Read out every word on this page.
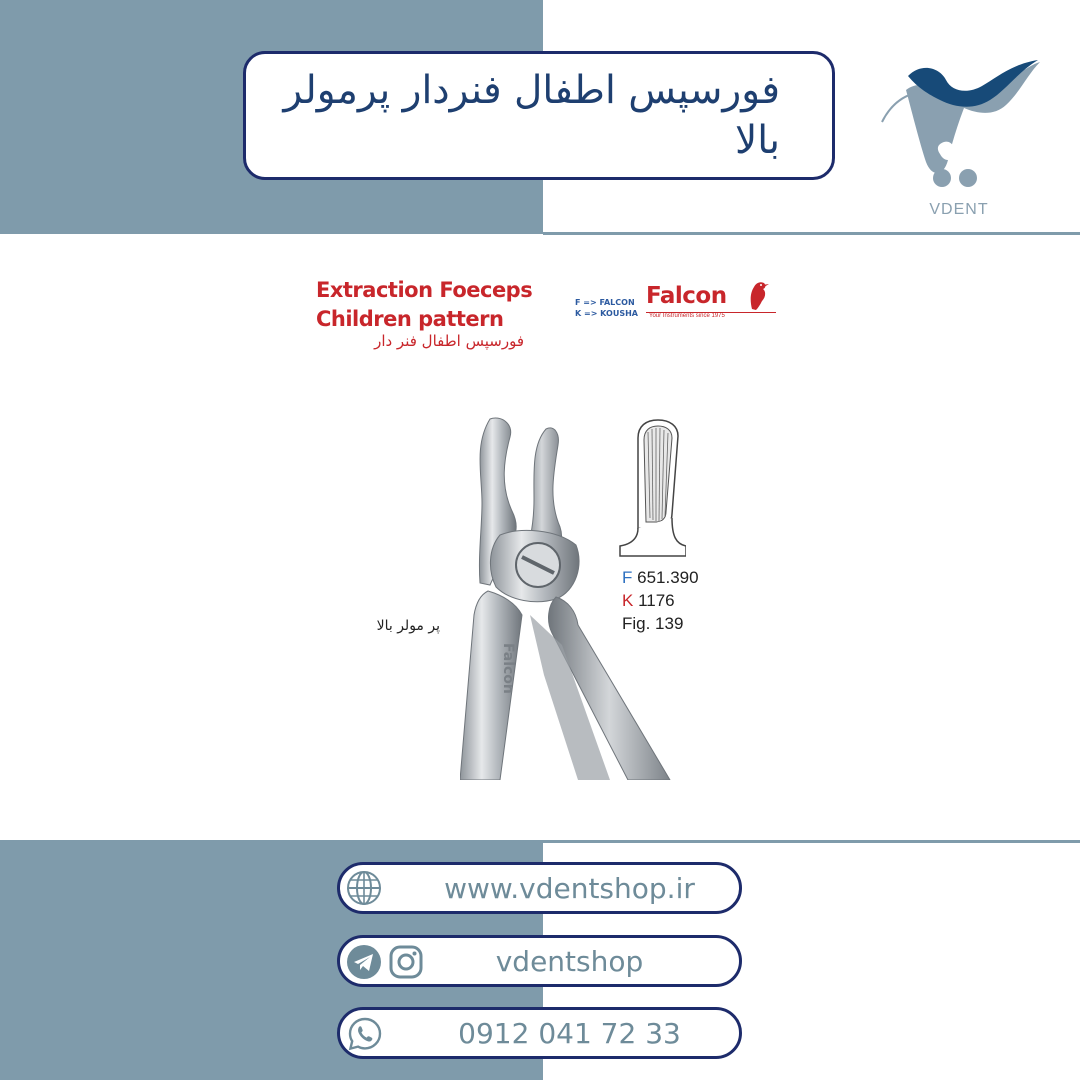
فورسپس اطفال فنردار پرمولر بالا
VDENT
Extraction Foeceps
Children pattern
فورسپس اطفال فنر دار
F => FALCON
K => KOUSHA
Falcon
Your Instruments since 1975
Falcon
F 651.390
K 1176
Fig. 139
پر مولر بالا
www.vdentshop.ir
vdentshop
0912 041 72 33
